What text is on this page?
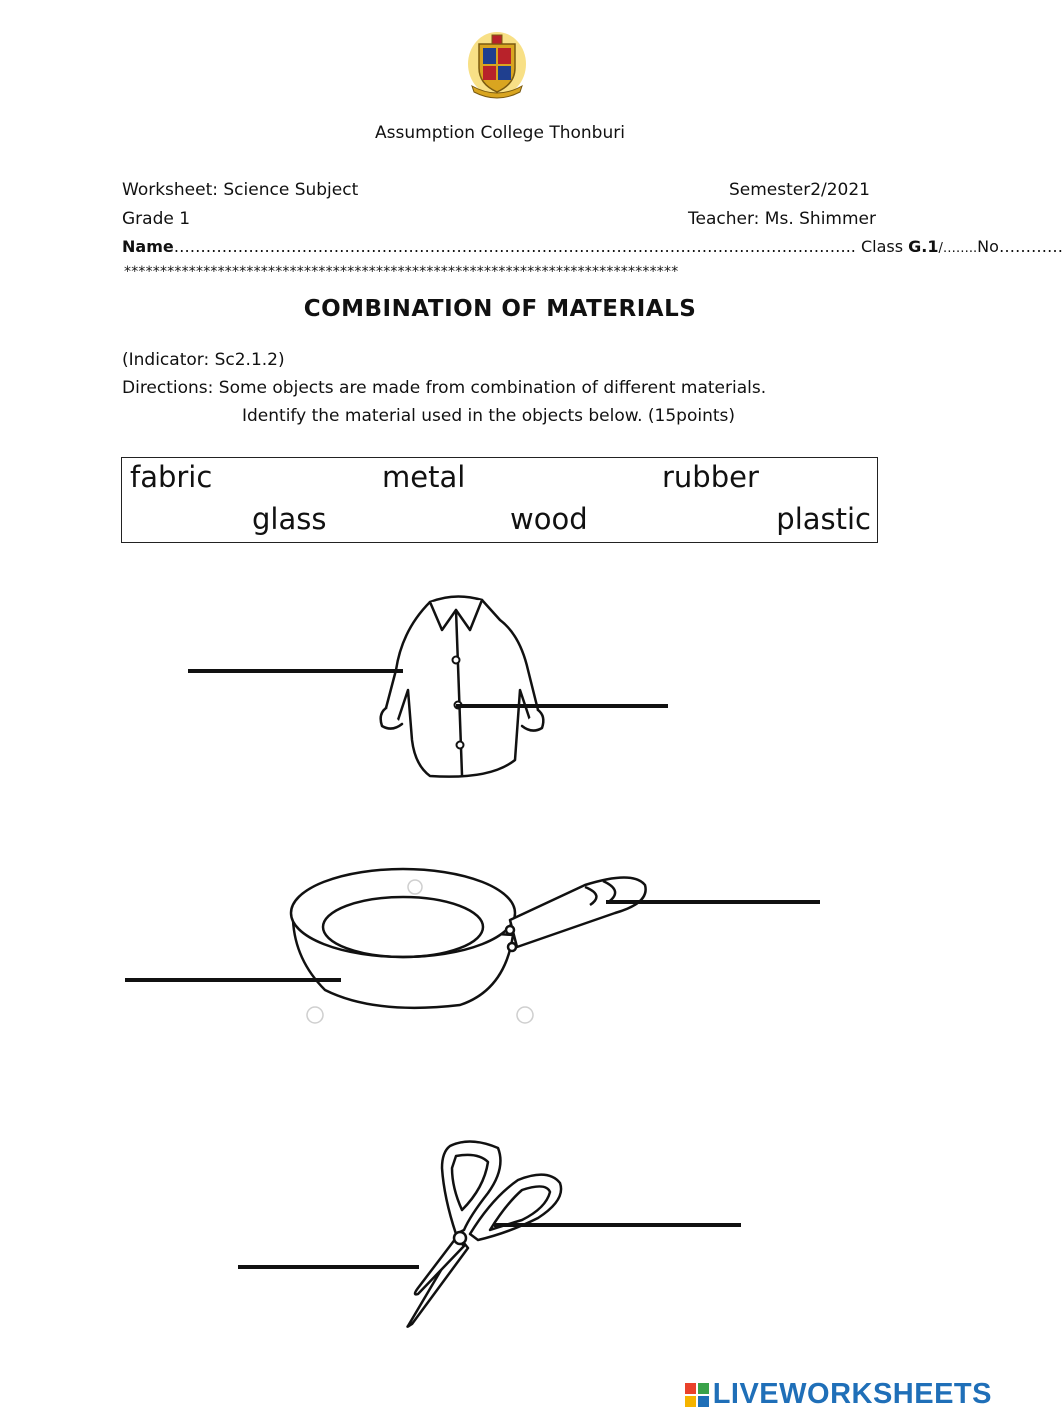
Assumption College Thonburi
Worksheet: Science Subject	Semester2/2021
Grade 1	Teacher: Ms. Shimmer
Name……………………………………………………………………………………………………………….. Class G.1/……..No…………
*****************************************************************************
COMBINATION OF MATERIALS
(Indicator: Sc2.1.2)
Directions: Some objects are made from combination of different materials.
Identify the material used in the objects below. (15points)
fabric	metal	rubber
glass	wood	plastic
LIVEWORKSHEETS
